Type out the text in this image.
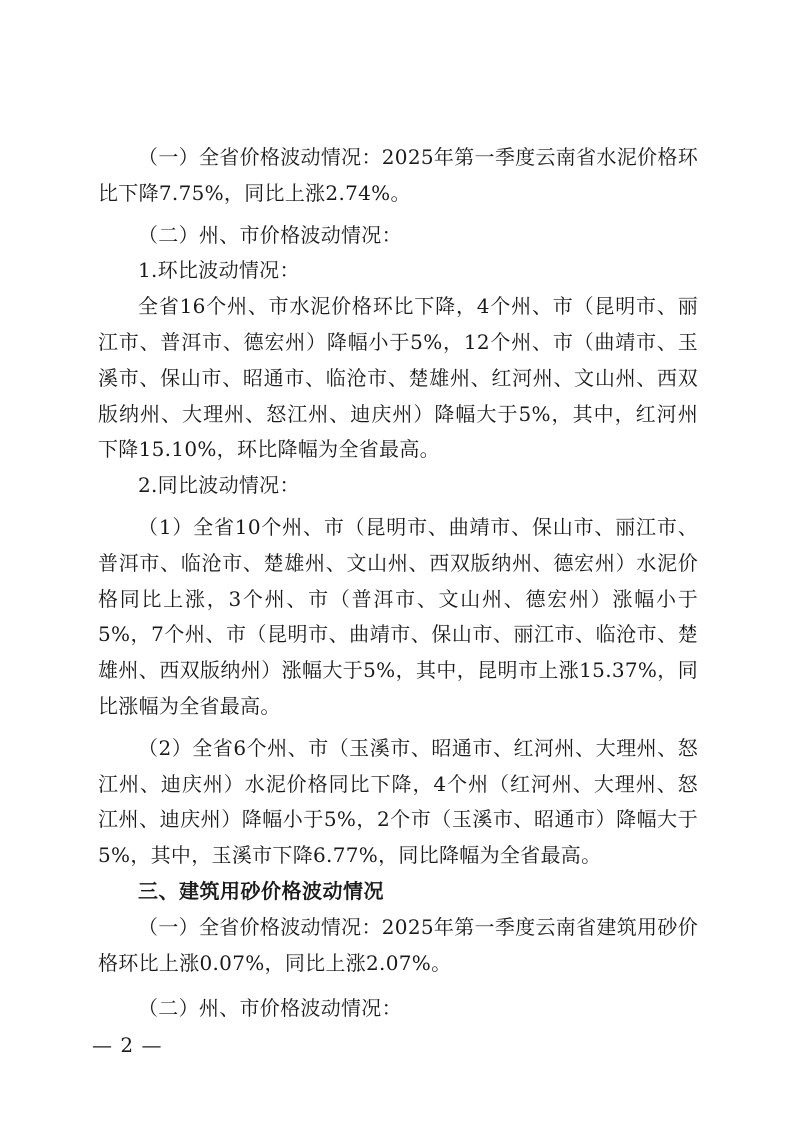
（一）全省价格波动情况：2025年第一季度云南省水泥价格环比下降7.75%，同比上涨2.74%。

（二）州、市价格波动情况：

1.环比波动情况：

全省16个州、市水泥价格环比下降，4个州、市（昆明市、丽江市、普洱市、德宏州）降幅小于5%，12个州、市（曲靖市、玉溪市、保山市、昭通市、临沧市、楚雄州、红河州、文山州、西双版纳州、大理州、怒江州、迪庆州）降幅大于5%，其中，红河州下降15.10%，环比降幅为全省最高。

2.同比波动情况：

（1）全省10个州、市（昆明市、曲靖市、保山市、丽江市、普洱市、临沧市、楚雄州、文山州、西双版纳州、德宏州）水泥价格同比上涨，3个州、市（普洱市、文山州、德宏州）涨幅小于5%，7个州、市（昆明市、曲靖市、保山市、丽江市、临沧市、楚雄州、西双版纳州）涨幅大于5%，其中，昆明市上涨15.37%，同比涨幅为全省最高。

（2）全省6个州、市（玉溪市、昭通市、红河州、大理州、怒江州、迪庆州）水泥价格同比下降，4个州（红河州、大理州、怒江州、迪庆州）降幅小于5%，2个市（玉溪市、昭通市）降幅大于5%，其中，玉溪市下降6.77%，同比降幅为全省最高。

三、建筑用砂价格波动情况

（一）全省价格波动情况：2025年第一季度云南省建筑用砂价格环比上涨0.07%，同比上涨2.07%。

（二）州、市价格波动情况：

— 2 —
